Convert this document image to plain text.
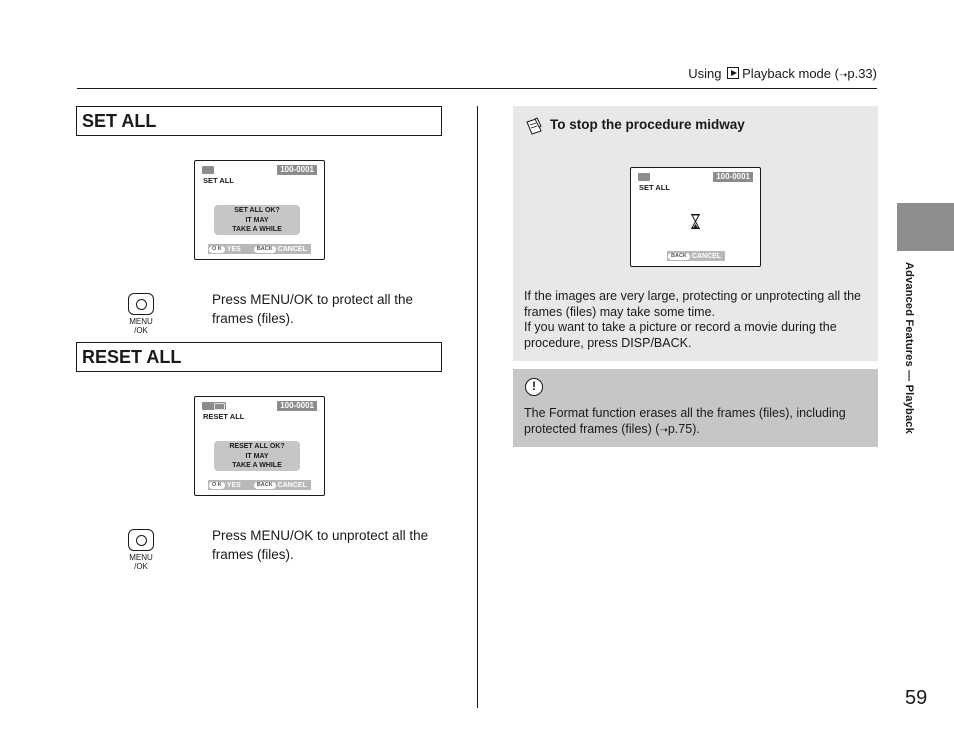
Using Playback mode (➝p.33)
SET ALL
100-0001
SET ALL
SET ALL OK?
IT MAY
TAKE A WHILE
O K YES	BACK CANCEL
MENU
/OK
Press MENU/OK to protect all the frames (files).
RESET ALL
100-0001
RESET ALL
RESET ALL OK?
IT MAY
TAKE A WHILE
O K YES	BACK CANCEL
MENU
/OK
Press MENU/OK to unprotect all the frames (files).
To stop the procedure midway
100-0001
SET ALL
BACK CANCEL
If the images are very large, protecting or unprotecting all the frames (files) may take some time.
If you want to take a picture or record a movie during the procedure, press DISP/BACK.
!
The Format function erases all the frames (files), including protected frames (files) (➝p.75).	Advanced Features — Playback
59
